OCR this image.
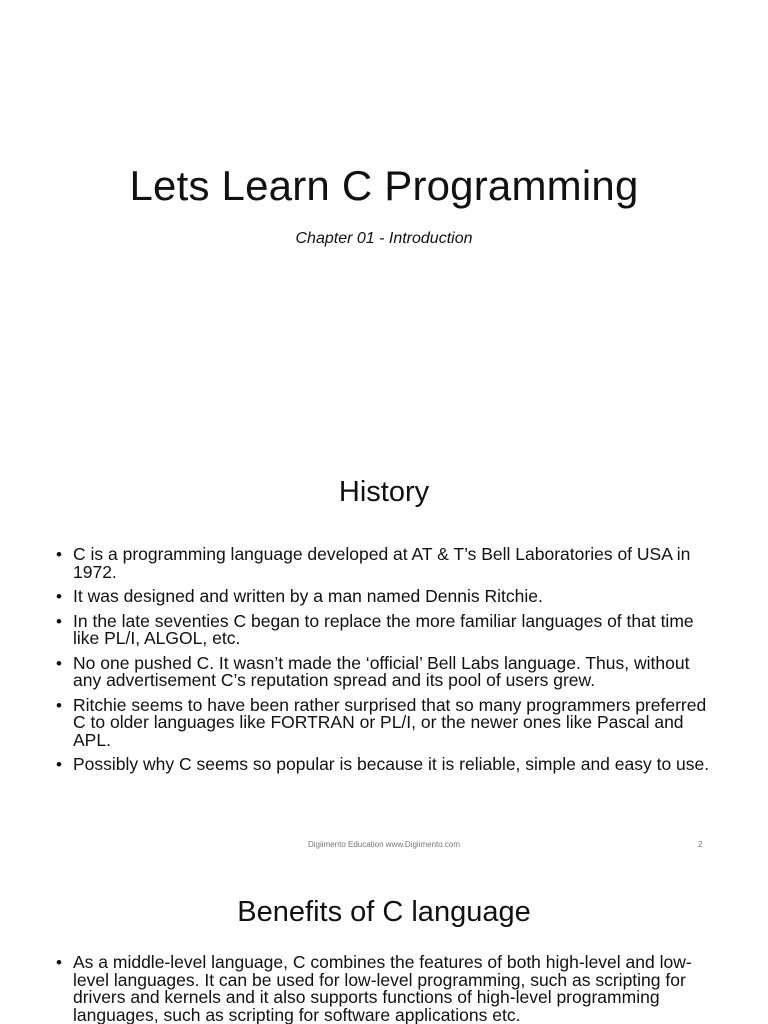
Lets Learn C Programming

Chapter 01 - Introduction

History
• C is a programming language developed at AT & T’s Bell Laboratories of USA in 1972.
• It was designed and written by a man named Dennis Ritchie.
• In the late seventies C began to replace the more familiar languages of that time like PL/I, ALGOL, etc.
• No one pushed C. It wasn’t made the ‘official’ Bell Labs language. Thus, without any advertisement C’s reputation spread and its pool of users grew.
• Ritchie seems to have been rather surprised that so many programmers preferred C to older languages like FORTRAN or PL/I, or the newer ones like Pascal and APL.
• Possibly why C seems so popular is because it is reliable, simple and easy to use.
Digiimento Education www.Digiimento.com	2
Benefits of C language
• As a middle-level language, C combines the features of both high-level and low-level languages. It can be used for low-level programming, such as scripting for drivers and kernels and it also supports functions of high-level programming languages, such as scripting for software applications etc.
